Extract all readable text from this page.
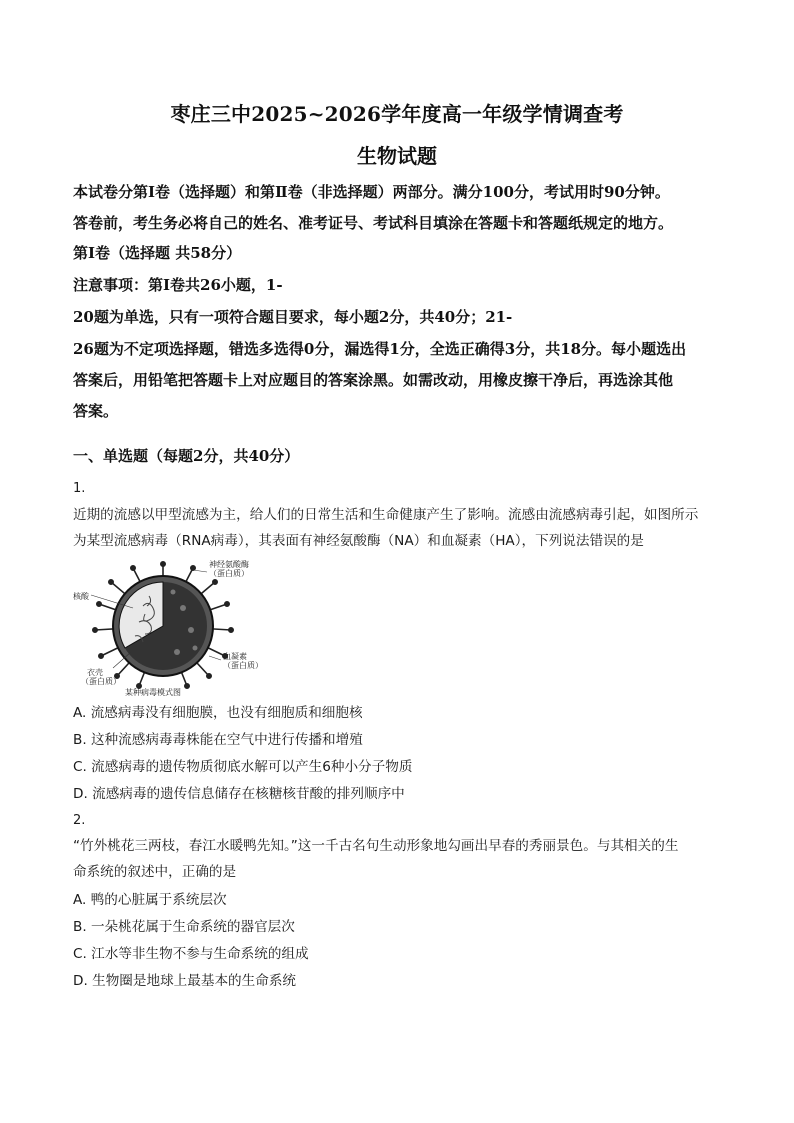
枣庄三中2025~2026学年度高一年级学情调查考
生物试题
本试卷分第Ⅰ卷（选择题）和第Ⅱ卷（非选择题）两部分。满分100分，考试用时90分钟。
答卷前，考生务必将自己的姓名、准考证号、考试科目填涂在答题卡和答题纸规定的地方。
第Ⅰ卷（选择题 共58分）
注意事项：第Ⅰ卷共26小题，1-
20题为单选，只有一项符合题目要求，每小题2分，共40分；21-
26题为不定项选择题，错选多选得0分，漏选得1分，全选正确得3分，共18分。每小题选出
答案后，用铅笔把答题卡上对应题目的答案涂黑。如需改动，用橡皮擦干净后，再选涂其他
答案。
一、单选题（每题2分，共40分）
1.
近期的流感以甲型流感为主，给人们的日常生活和生命健康产生了影响。流感由流感病毒引起，如图所示
为某型流感病毒（RNA病毒），其表面有神经氨酸酶（NA）和血凝素（HA），下列说法错误的是
神经氨酸酶
（蛋白质）
核酸
血凝素
（蛋白质）
衣壳
（蛋白质）
某种病毒模式图
A. 流感病毒没有细胞膜，也没有细胞质和细胞核
B. 这种流感病毒毒株能在空气中进行传播和增殖
C. 流感病毒的遗传物质彻底水解可以产生6种小分子物质
D. 流感病毒的遗传信息储存在核糖核苷酸的排列顺序中
2.
“竹外桃花三两枝，春江水暖鸭先知。”这一千古名句生动形象地勾画出早春的秀丽景色。与其相关的生
命系统的叙述中，正确的是
A. 鸭的心脏属于系统层次
B. 一朵桃花属于生命系统的器官层次
C. 江水等非生物不参与生命系统的组成
D. 生物圈是地球上最基本的生命系统
